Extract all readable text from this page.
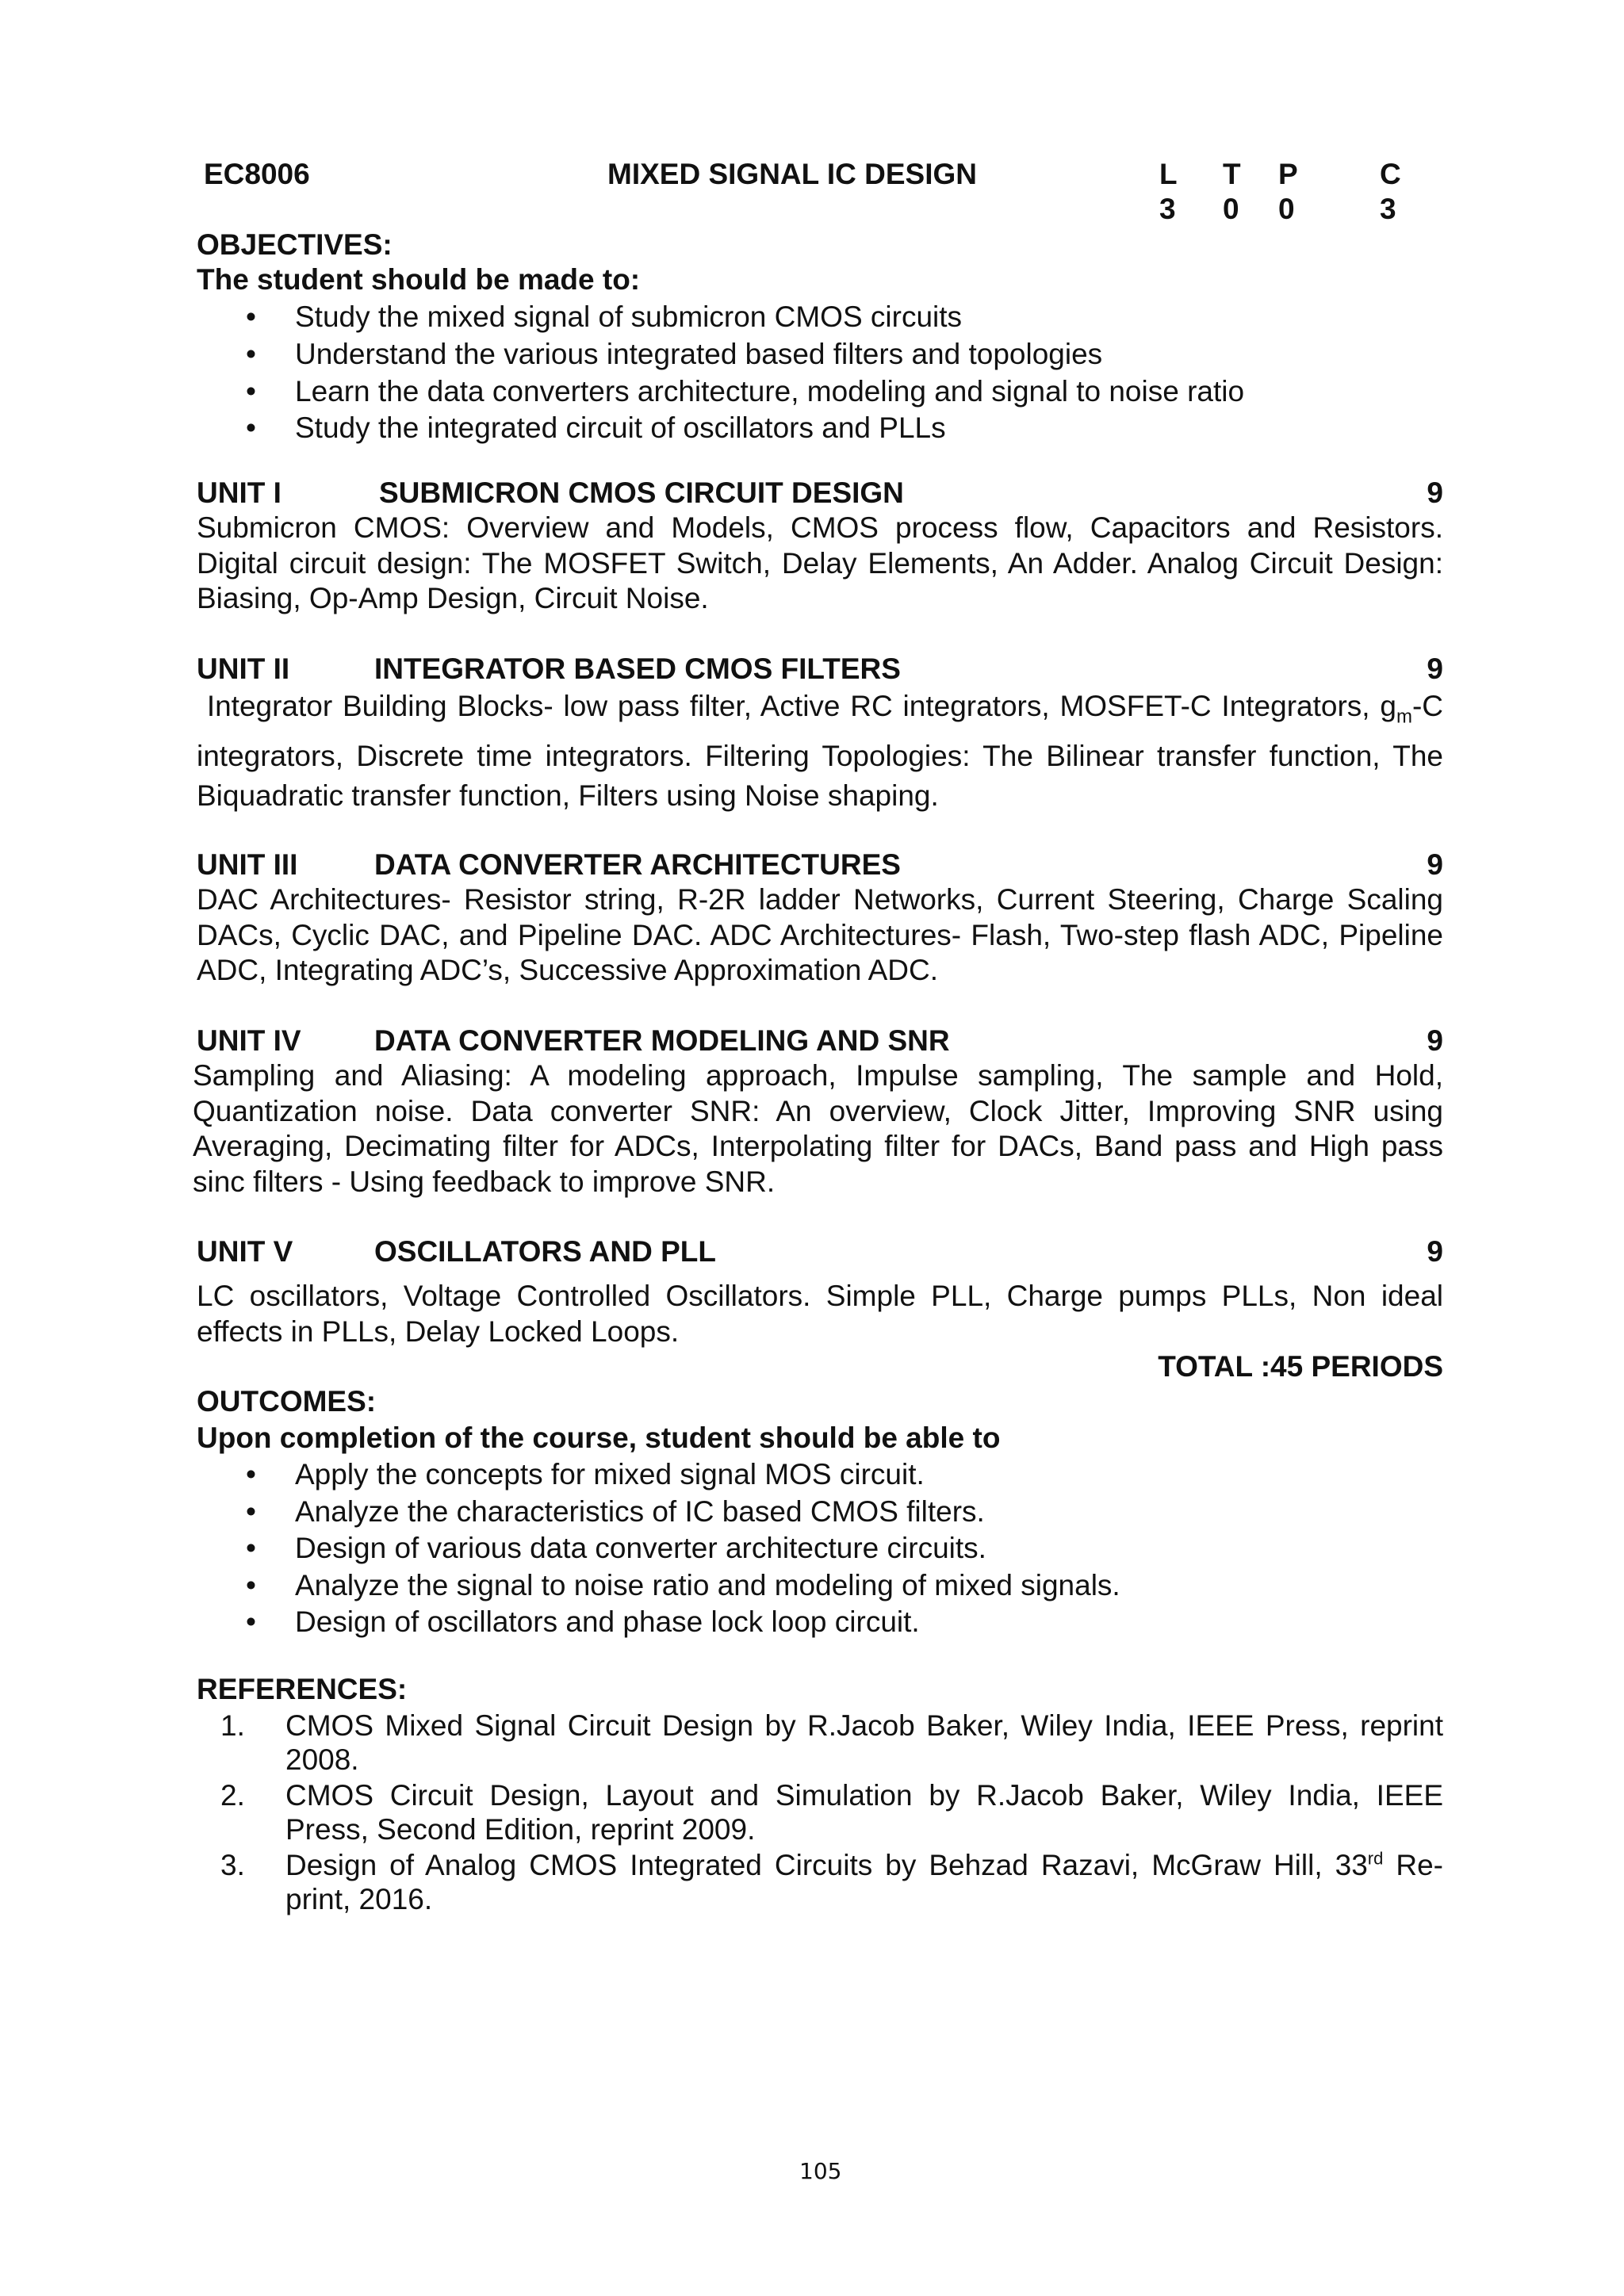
EC8006	MIXED SIGNAL IC DESIGN	L T P	C
3 0 0	3
OBJECTIVES:
The student should be made to:
• Study the mixed signal of submicron CMOS circuits
• Understand the various integrated based filters and topologies
• Learn the data converters architecture, modeling and signal to noise ratio
• Study the integrated circuit of oscillators and PLLs
UNIT I	SUBMICRON CMOS CIRCUIT DESIGN	9
Submicron CMOS: Overview and Models, CMOS process flow, Capacitors and Resistors. Digital circuit design: The MOSFET Switch, Delay Elements, An Adder. Analog Circuit Design: Biasing, Op-Amp Design, Circuit Noise.
UNIT II	INTEGRATOR BASED CMOS FILTERS	9
Integrator Building Blocks- low pass filter, Active RC integrators, MOSFET-C Integrators, $g_m-C$ integrators, Discrete time integrators. Filtering Topologies: The Bilinear transfer function, The Biquadratic transfer function, Filters using Noise shaping.
UNIT III	DATA CONVERTER ARCHITECTURES	9
DAC Architectures- Resistor string, R-2R ladder Networks, Current Steering, Charge Scaling DACs, Cyclic DAC, and Pipeline DAC. ADC Architectures- Flash, Two-step flash ADC, Pipeline ADC, Integrating ADC’s, Successive Approximation ADC.
UNIT IV DATA CONVERTER MODELING AND SNR	9
Sampling and Aliasing: A modeling approach, Impulse sampling, The sample and Hold, Quantization noise. Data converter SNR: An overview, Clock Jitter, Improving SNR using Averaging, Decimating filter for ADCs, Interpolating filter for DACs, Band pass and High pass sinc filters - Using feedback to improve SNR.
UNIT V	OSCILLATORS AND PLL	9
LC oscillators, Voltage Controlled Oscillators. Simple PLL, Charge pumps PLLs, Non ideal effects in PLLs, Delay Locked Loops.
TOTAL :45 PERIODS
OUTCOMES:
Upon completion of the course, student should be able to
• Apply the concepts for mixed signal MOS circuit.
• Analyze the characteristics of IC based CMOS filters.
• Design of various data converter architecture circuits.
• Analyze the signal to noise ratio and modeling of mixed signals.
• Design of oscillators and phase lock loop circuit.
REFERENCES:
1. CMOS Mixed Signal Circuit Design by R.Jacob Baker, Wiley India, IEEE Press, reprint 2008.
2. CMOS Circuit Design, Layout and Simulation by R.Jacob Baker, Wiley India, IEEE Press, Second Edition, reprint 2009.
3. Design of Analog CMOS Integrated Circuits by Behzad Razavi, McGraw Hill, 33rd Re-print, 2016.
105
